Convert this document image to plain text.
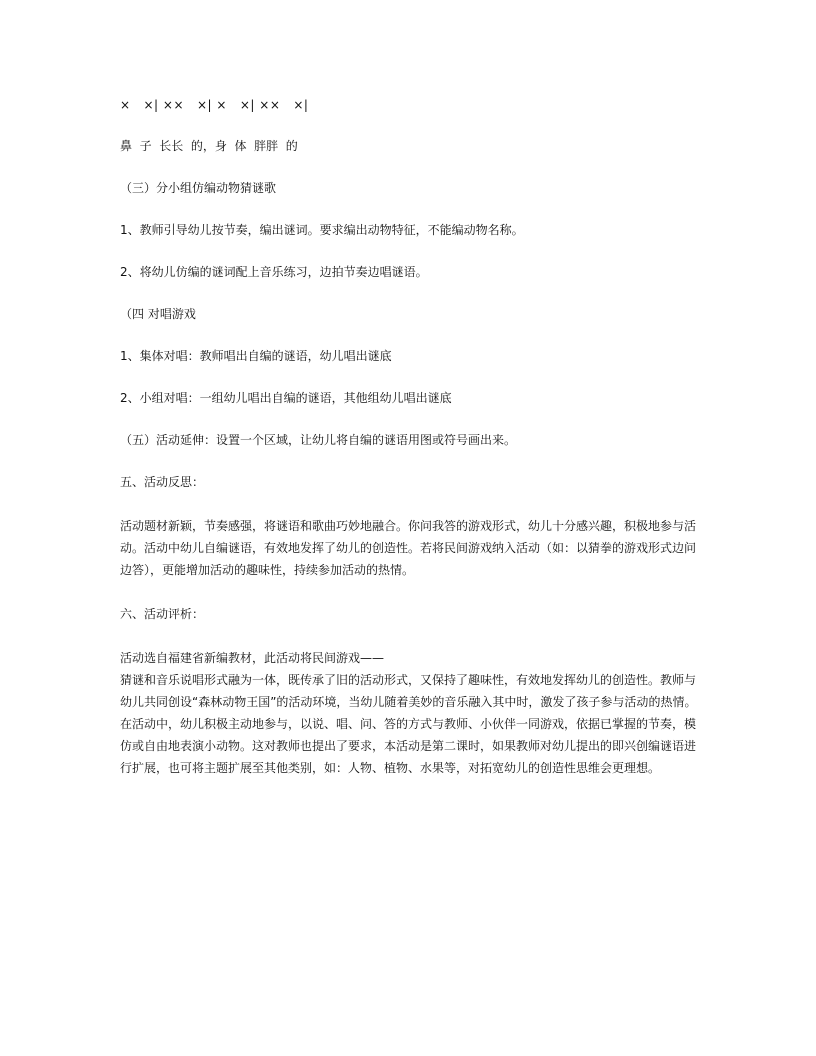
×   ×| ××   ×| ×   ×| ××   ×|

鼻  子  长长  的，身  体  胖胖  的

（三）分小组仿编动物猜谜歌

1、教师引导幼儿按节奏，编出谜词。要求编出动物特征，不能编动物名称。

2、将幼儿仿编的谜词配上音乐练习，边拍节奏边唱谜语。

（四 对唱游戏

1、集体对唱：教师唱出自编的谜语，幼儿唱出谜底

2、小组对唱：一组幼儿唱出自编的谜语，其他组幼儿唱出谜底

（五）活动延伸：设置一个区域，让幼儿将自编的谜语用图或符号画出来。

五、活动反思：

活动题材新颖，节奏感强，将谜语和歌曲巧妙地融合。你问我答的游戏形式，幼儿十分感兴趣，积极地参与活
动。活动中幼儿自编谜语，有效地发挥了幼儿的创造性。若将民间游戏纳入活动（如：以猜拳的游戏形式边问
边答），更能增加活动的趣味性，持续参加活动的热情。

六、活动评析：

活动选自福建省新编教材，此活动将民间游戏——
猜谜和音乐说唱形式融为一体，既传承了旧的活动形式，又保持了趣味性，有效地发挥幼儿的创造性。教师与
幼儿共同创设“森林动物王国”的活动环境，当幼儿随着美妙的音乐融入其中时，激发了孩子参与活动的热情。
在活动中，幼儿积极主动地参与，以说、唱、问、答的方式与教师、小伙伴一同游戏，依据已掌握的节奏，模
仿或自由地表演小动物。这对教师也提出了要求，本活动是第二课时，如果教师对幼儿提出的即兴创编谜语进
行扩展，也可将主题扩展至其他类别，如：人物、植物、水果等，对拓宽幼儿的创造性思维会更理想。
